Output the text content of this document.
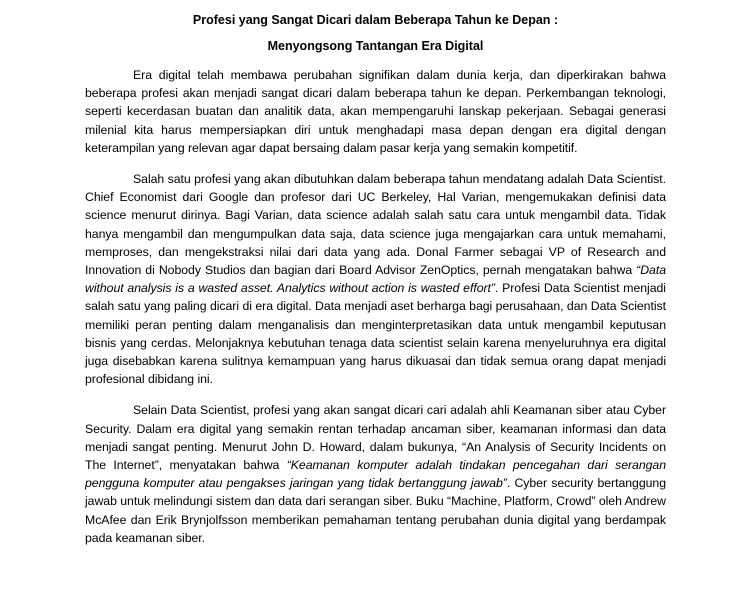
Profesi yang Sangat Dicari dalam Beberapa Tahun ke Depan :

Menyongsong Tantangan Era Digital

Era digital telah membawa perubahan signifikan dalam dunia kerja, dan diperkirakan bahwa beberapa profesi akan menjadi sangat dicari dalam beberapa tahun ke depan. Perkembangan teknologi, seperti kecerdasan buatan dan analitik data, akan mempengaruhi lanskap pekerjaan. Sebagai generasi milenial kita harus mempersiapkan diri untuk menghadapi masa depan dengan era digital dengan keterampilan yang relevan agar dapat bersaing dalam pasar kerja yang semakin kompetitif.

Salah satu profesi yang akan dibutuhkan dalam beberapa tahun mendatang adalah Data Scientist. Chief Economist dari Google dan profesor dari UC Berkeley, Hal Varian, mengemukakan definisi data science menurut dirinya. Bagi Varian, data science adalah salah satu cara untuk mengambil data. Tidak hanya mengambil dan mengumpulkan data saja, data science juga mengajarkan cara untuk memahami, memproses, dan mengekstraksi nilai dari data yang ada. Donal Farmer sebagai VP of Research and Innovation di Nobody Studios dan bagian dari Board Advisor ZenOptics, pernah mengatakan bahwa “Data without analysis is a wasted asset. Analytics without action is wasted effort”. Profesi Data Scientist menjadi salah satu yang paling dicari di era digital. Data menjadi aset berharga bagi perusahaan, dan Data Scientist memiliki peran penting dalam menganalisis dan menginterpretasikan data untuk mengambil keputusan bisnis yang cerdas. Melonjaknya kebutuhan tenaga data scientist selain karena menyeluruhnya era digital juga disebabkan karena sulitnya kemampuan yang harus dikuasai dan tidak semua orang dapat menjadi profesional dibidang ini.

Selain Data Scientist, profesi yang akan sangat dicari cari adalah ahli Keamanan siber atau Cyber Security. Dalam era digital yang semakin rentan terhadap ancaman siber, keamanan informasi dan data menjadi sangat penting. Menurut John D. Howard, dalam bukunya, “An Analysis of Security Incidents on The Internet”, menyatakan bahwa “Keamanan komputer adalah tindakan pencegahan dari serangan pengguna komputer atau pengakses jaringan yang tidak bertanggung jawab”. Cyber security bertanggung jawab untuk melindungi sistem dan data dari serangan siber. Buku “Machine, Platform, Crowd” oleh Andrew McAfee dan Erik Brynjolfsson memberikan pemahaman tentang perubahan dunia digital yang berdampak pada keamanan siber.
